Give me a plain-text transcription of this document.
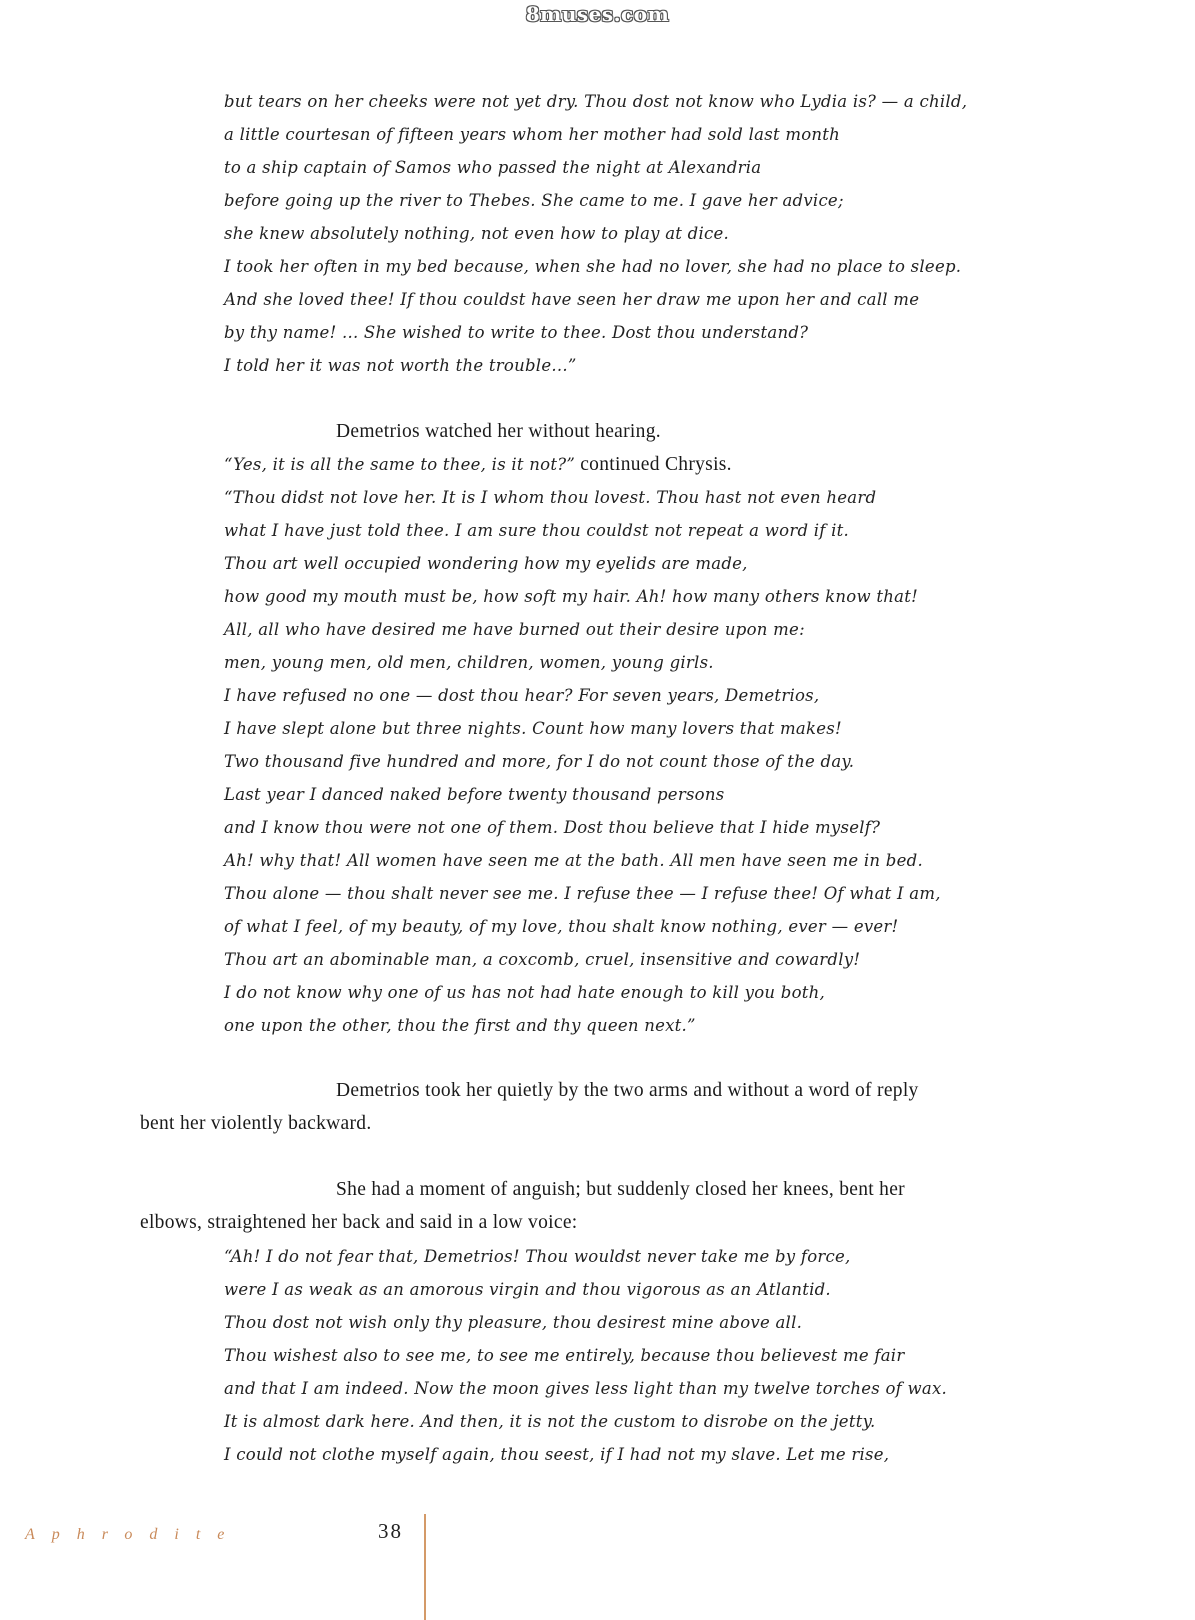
8muses.com
but tears on her cheeks were not yet dry. Thou dost not know who Lydia is? — a child,
a little courtesan of fifteen years whom her mother had sold last month
to a ship captain of Samos who passed the night at Alexandria
before going up the river to Thebes. She came to me. I gave her advice;
she knew absolutely nothing, not even how to play at dice.
I took her often in my bed because, when she had no lover, she had no place to sleep.
And she loved thee! If thou couldst have seen her draw me upon her and call me
by thy name! ... She wished to write to thee. Dost thou understand?
I told her it was not worth the trouble...”
Demetrios watched her without hearing.
“Yes, it is all the same to thee, is it not?” continued Chrysis.
“Thou didst not love her. It is I whom thou lovest. Thou hast not even heard
what I have just told thee. I am sure thou couldst not repeat a word if it.
Thou art well occupied wondering how my eyelids are made,
how good my mouth must be, how soft my hair. Ah! how many others know that!
All, all who have desired me have burned out their desire upon me:
men, young men, old men, children, women, young girls.
I have refused no one — dost thou hear? For seven years, Demetrios,
I have slept alone but three nights. Count how many lovers that makes!
Two thousand five hundred and more, for I do not count those of the day.
Last year I danced naked before twenty thousand persons
and I know thou were not one of them. Dost thou believe that I hide myself?
Ah! why that! All women have seen me at the bath. All men have seen me in bed.
Thou alone — thou shalt never see me. I refuse thee — I refuse thee! Of what I am,
of what I feel, of my beauty, of my love, thou shalt know nothing, ever — ever!
Thou art an abominable man, a coxcomb, cruel, insensitive and cowardly!
I do not know why one of us has not had hate enough to kill you both,
one upon the other, thou the first and thy queen next.”
Demetrios took her quietly by the two arms and without a word of reply
bent her violently backward.
She had a moment of anguish; but suddenly closed her knees, bent her
elbows, straightened her back and said in a low voice:
“Ah! I do not fear that, Demetrios! Thou wouldst never take me by force,
were I as weak as an amorous virgin and thou vigorous as an Atlantid.
Thou dost not wish only thy pleasure, thou desirest mine above all.
Thou wishest also to see me, to see me entirely, because thou believest me fair
and that I am indeed. Now the moon gives less light than my twelve torches of wax.
It is almost dark here. And then, it is not the custom to disrobe on the jetty.
I could not clothe myself again, thou seest, if I had not my slave. Let me rise,
Aphrodite	38
